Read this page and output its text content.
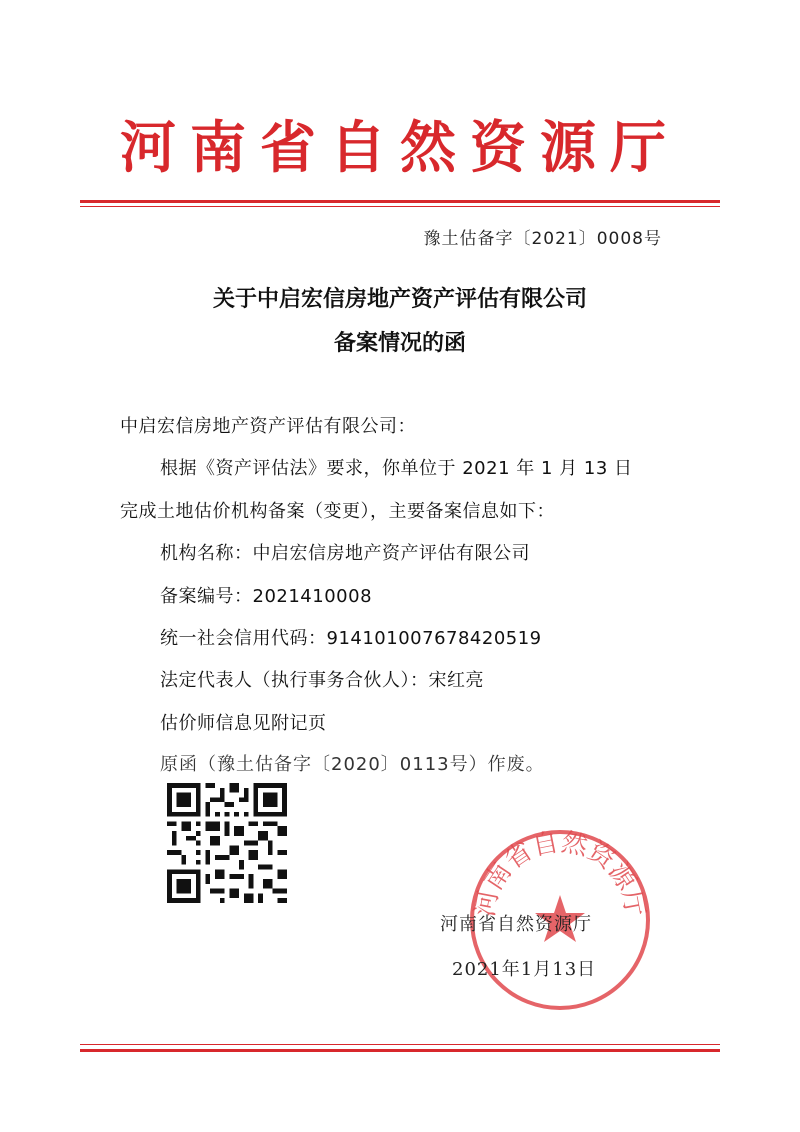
河南省自然资源厅
豫土估备字〔2021〕0008号
关于中启宏信房地产资产评估有限公司
备案情况的函
中启宏信房地产资产评估有限公司：
根据《资产评估法》要求，你单位于 2021 年 1 月 13 日
完成土地估价机构备案（变更），主要备案信息如下：
机构名称：中启宏信房地产资产评估有限公司
备案编号：2021410008
统一社会信用代码：914101007678420519
法定代表人（执行事务合伙人）：宋红亮
估价师信息见附记页
原函（豫土估备字〔2020〕0113号）作废。
河南省自然资源厅
河南省自然资源厅
2021年1月13日
